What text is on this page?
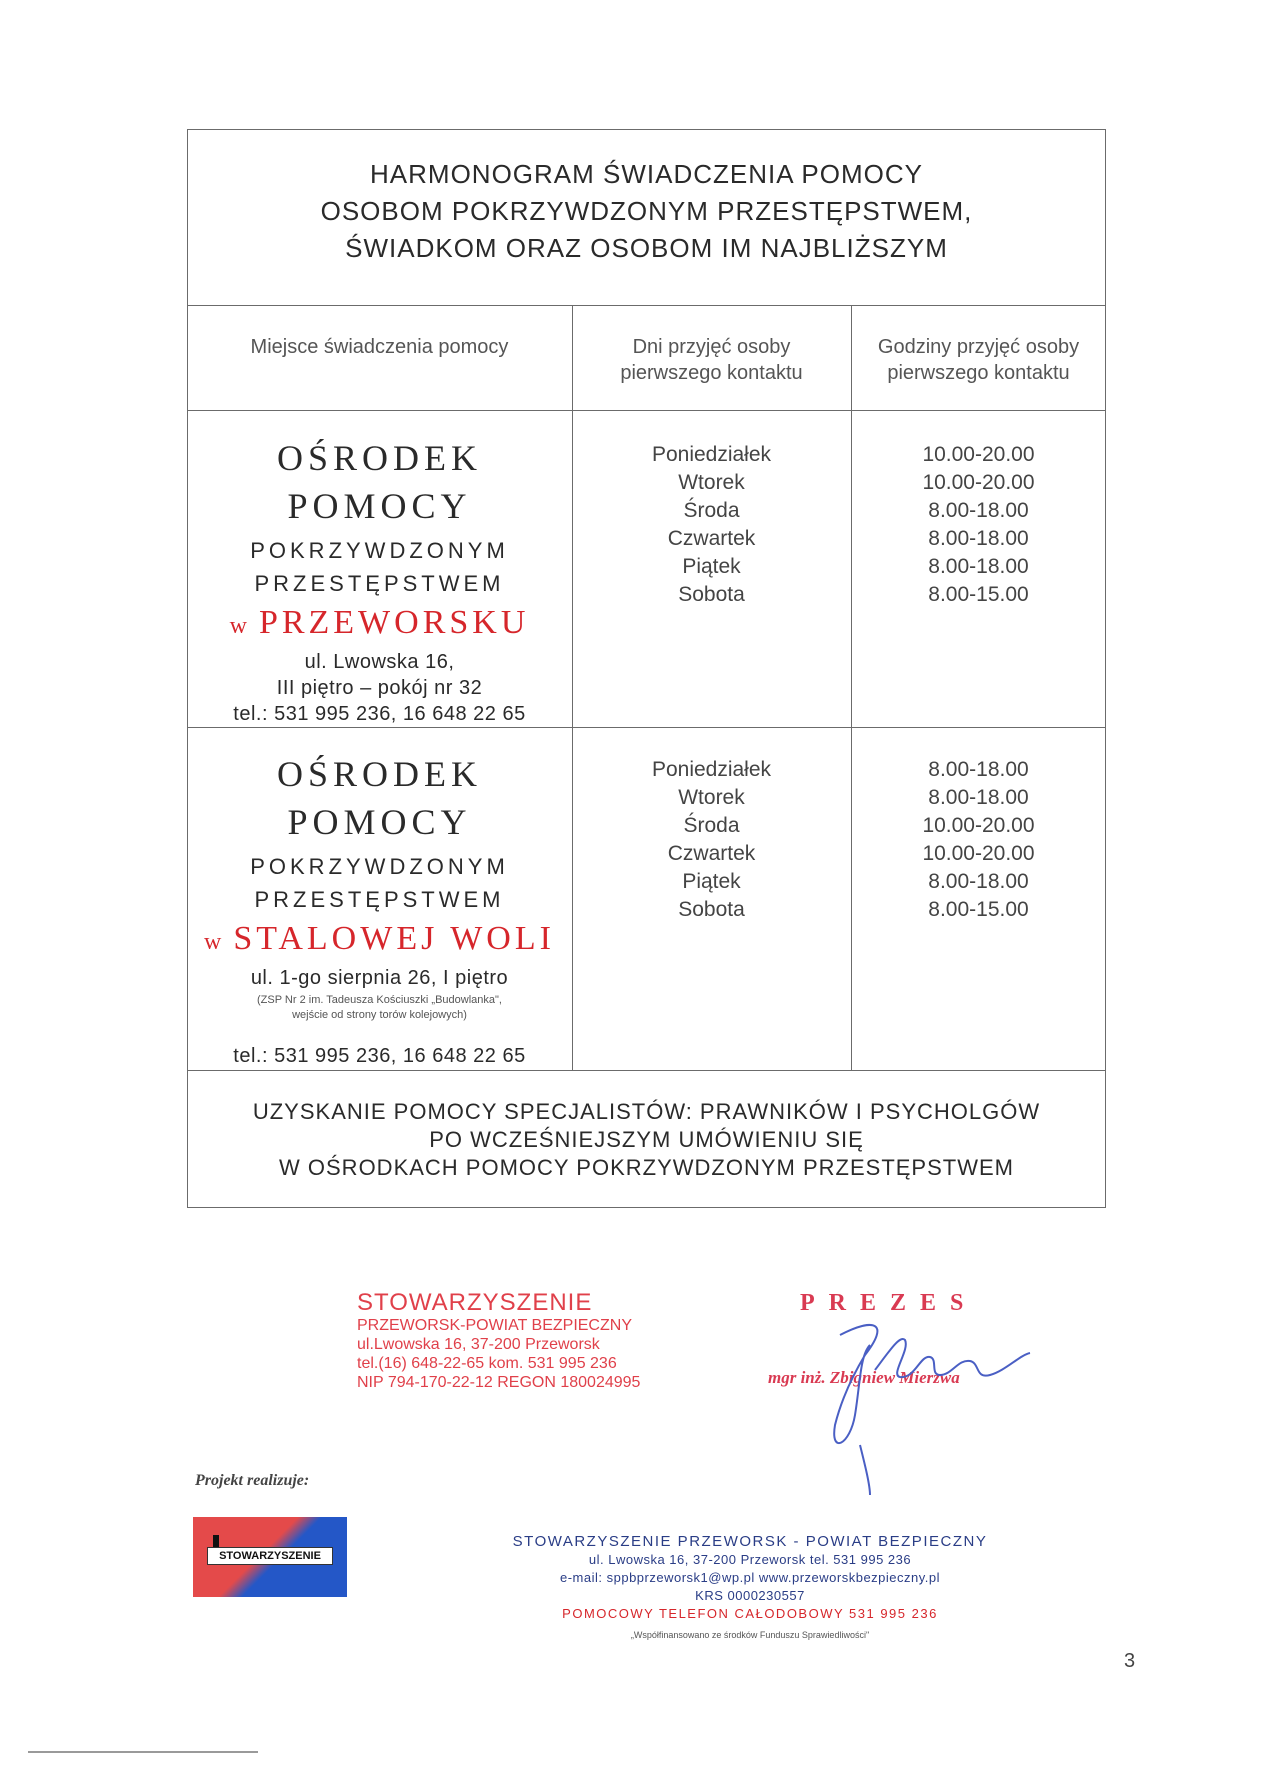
HARMONOGRAM ŚWIADCZENIA POMOCY
OSOBOM POKRZYWDZONYM PRZESTĘPSTWEM,
ŚWIADKOM ORAZ OSOBOM IM NAJBLIŻSZYM
Miejsce świadczenia pomocy	Dni przyjęć osoby
pierwszego kontaktu
Godziny przyjęć osoby
pierwszego kontaktu
OŚRODEK
POMOCY
POKRZYWDZONYM
PRZESTĘPSTWEM
w PRZEWORSKU
ul. Lwowska 16,
III piętro – pokój nr 32
tel.: 531 995 236, 16 648 22 65
Poniedziałek
Wtorek
Środa
Czwartek
Piątek
Sobota
10.00-20.00
10.00-20.00
8.00-18.00
8.00-18.00
8.00-18.00
8.00-15.00
OŚRODEK
POMOCY
POKRZYWDZONYM
PRZESTĘPSTWEM
w STALOWEJ WOLI
ul. 1-go sierpnia 26, I piętro
(ZSP Nr 2 im. Tadeusza Kościuszki „Budowlanka",
wejście od strony torów kolejowych)
tel.: 531 995 236, 16 648 22 65
Poniedziałek
Wtorek
Środa
Czwartek
Piątek
Sobota
8.00-18.00
8.00-18.00
10.00-20.00
10.00-20.00
8.00-18.00
8.00-15.00
UZYSKANIE POMOCY SPECJALISTÓW: PRAWNIKÓW I PSYCHOLGÓW
PO WCZEŚNIEJSZYM UMÓWIENIU SIĘ
W OŚRODKACH POMOCY POKRZYWDZONYM PRZESTĘPSTWEM
STOWARZYSZENIE
PRZEWORSK-POWIAT BEZPIECZNY
ul.Lwowska 16, 37-200 Przeworsk
tel.(16) 648-22-65 kom. 531 995 236
NIP 794-170-22-12 REGON 180024995
PREZES
mgr inż. Zbigniew Mierzwa
Projekt realizuje:
STOWARZYSZENIE
STOWARZYSZENIE PRZEWORSK - POWIAT BEZPIECZNY
ul. Lwowska 16, 37-200 Przeworsk tel. 531 995 236
e-mail: sppbprzeworsk1@wp.pl www.przeworskbezpieczny.pl
KRS 0000230557
POMOCOWY TELEFON CAŁODOBOWY 531 995 236
„Współfinansowano ze środków Funduszu Sprawiedliwości"
3
